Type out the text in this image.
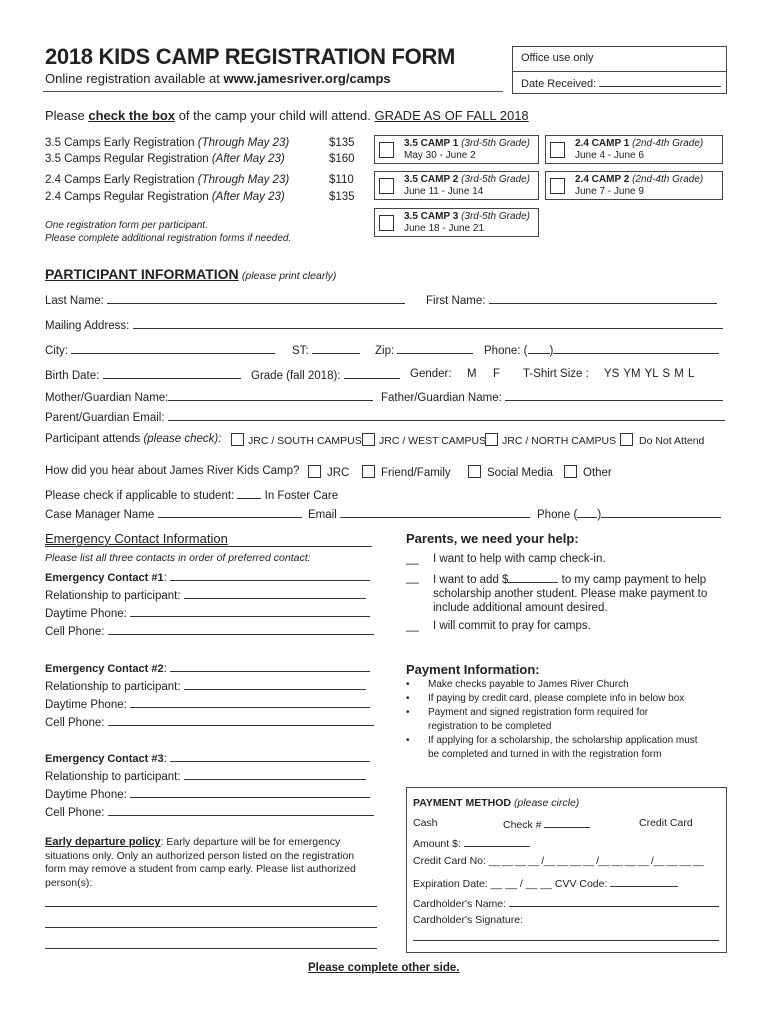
2018 KIDS CAMP REGISTRATION FORM
Online registration available at www.jamesriver.org/camps
Office use only
Date Received:
Please check the box of the camp your child will attend. GRADE AS OF FALL 2018
3.5 Camps Early Registration (Through May 23)	$135
3.5 Camps Regular Registration (After May 23)	$160
2.4 Camps Early Registration (Through May 23)	$110
2.4 Camps Regular Registration (After May 23)	$135
One registration form per participant.
Please complete additional registration forms if needed.
3.5 CAMP 1 (3rd-5th Grade)
May 30 - June 2
2.4 CAMP 1 (2nd-4th Grade)
June 4 - June 6
3.5 CAMP 2 (3rd-5th Grade)
June 11 - June 14
2.4 CAMP 2 (2nd-4th Grade)
June 7 - June 9
3.5 CAMP 3 (3rd-5th Grade)
June 18 - June 21
PARTICIPANT INFORMATION (please print clearly)
Last Name:	First Name:
Mailing Address:
City:	ST:	Zip:	Phone: ( )
Birth Date:	Grade (fall 2018):	Gender: M F T-Shirt Size : YS YM YL S M L
Mother/Guardian Name:	Father/Guardian Name:
Parent/Guardian Email:
Participant attends (please check):	JRC / SOUTH CAMPUS	JRC / WEST CAMPUS	JRC / NORTH CAMPUS	Do Not Attend
How did you hear about James River Kids Camp?	JRC	Friend/Family	Social Media	Other
Please check if applicable to student:	In Foster Care
Case Manager Name	Email	Phone ( )
Emergency Contact Information
Please list all three contacts in order of preferred contact:
Emergency Contact #1:
Relationship to participant:
Daytime Phone:
Cell Phone:
Emergency Contact #2:
Relationship to participant:
Daytime Phone:
Cell Phone:
Emergency Contact #3:
Relationship to participant:
Daytime Phone:
Cell Phone:
Early departure policy: Early departure will be for emergency
situations only. Only an authorized person listed on the registration
form may remove a student from camp early. Please list authorized
person(s):
Parents, we need your help:
__ I want to help with camp check-in.
__ I want to add $	to my camp payment to help
scholarship another student. Please make payment to
include additional amount desired.
__ I will commit to pray for camps.
Payment Information:
• Make checks payable to James River Church
• If paying by credit card, please complete info in below box
• Payment and signed registration form required for
registration to be completed
• If applying for a scholarship, the scholarship application must
be completed and turned in with the registration form
PAYMENT METHOD (please circle)
Cash	Check #	Credit Card
Amount $:
Credit Card No: __ __ __ __ /__ __ __ __ /__ __ __ __ /__ __ __ __
Expiration Date: __ __ / __ __ CVV Code:
Cardholder's Name:
Cardholder's Signature:
Please complete other side.
